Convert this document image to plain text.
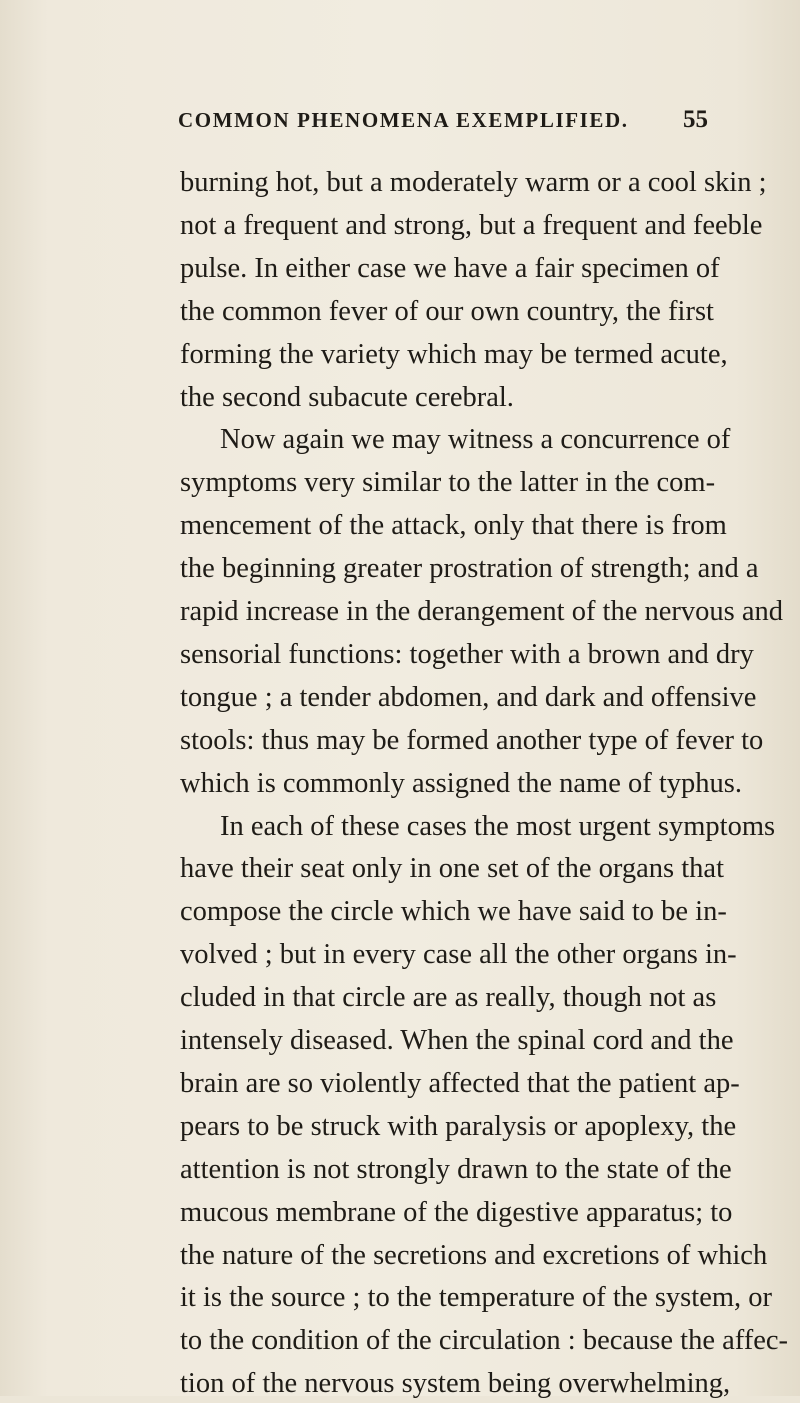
COMMON PHENOMENA EXEMPLIFIED. 55
burning hot, but a moderately warm or a cool skin ;
not a frequent and strong, but a frequent and feeble
pulse. In either case we have a fair specimen of
the common fever of our own country, the first
forming the variety which may be termed acute,
the second subacute cerebral.
Now again we may witness a concurrence of
symptoms very similar to the latter in the com-
mencement of the attack, only that there is from
the beginning greater prostration of strength; and a
rapid increase in the derangement of the nervous and
sensorial functions: together with a brown and dry
tongue ; a tender abdomen, and dark and offensive
stools: thus may be formed another type of fever to
which is commonly assigned the name of typhus.
In each of these cases the most urgent symptoms
have their seat only in one set of the organs that
compose the circle which we have said to be in-
volved ; but in every case all the other organs in-
cluded in that circle are as really, though not as
intensely diseased. When the spinal cord and the
brain are so violently affected that the patient ap-
pears to be struck with paralysis or apoplexy, the
attention is not strongly drawn to the state of the
mucous membrane of the digestive apparatus; to
the nature of the secretions and excretions of which
it is the source ; to the temperature of the system, or
to the condition of the circulation : because the affec-
tion of the nervous system being overwhelming,
